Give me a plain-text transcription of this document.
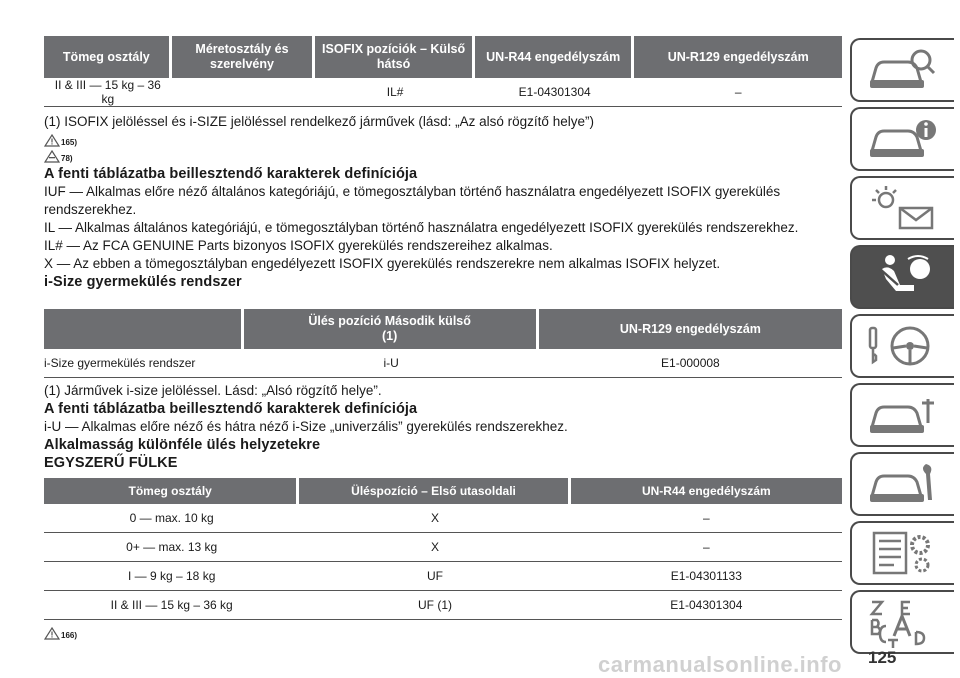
Tömeg osztály	Méretosztály és szerelvény	ISOFIX pozíciók – Külső hátsó	UN-R44 engedélyszám	UN-R129 engedélyszám
II & III — 15 kg – 36 kg		IL#	E1-04301304	–

(1) ISOFIX jelöléssel és i-SIZE jelöléssel rendelkező járművek (lásd: „Az alsó rögzítő helye”)

165)
78)

A fenti táblázatba beillesztendő karakterek definíciója

IUF — Alkalmas előre néző általános kategóriájú, e tömegosztályban történő használatra engedélyezett ISOFIX gyerekülés rendszerekhez.

IL — Alkalmas általános kategóriájú, e tömegosztályban történő használatra engedélyezett ISOFIX gyerekülés rendszerekhez.

IL# — Az FCA GENUINE Parts bizonyos ISOFIX gyerekülés rendszereihez alkalmas.

X — Az ebben a tömegosztályban engedélyezett ISOFIX gyerekülés rendszerekre nem alkalmas ISOFIX helyzet.

i-Size gyermekülés rendszer

	Ülés pozíció Második külső (1)	UN-R129 engedélyszám
i-Size gyermekülés rendszer	i-U	E1-000008

(1) Járművek i-size jelöléssel. Lásd: „Alsó rögzítő helye”.

A fenti táblázatba beillesztendő karakterek definíciója

i-U — Alkalmas előre néző és hátra néző i-Size „univerzális” gyerekülés rendszerekhez.

Alkalmasság különféle ülés helyzetekre

EGYSZERŰ FÜLKE

Tömeg osztály	Üléspozíció – Első utasoldali	UN-R44 engedélyszám
0 — max. 10 kg	X	–
0+ — max. 13 kg	X	–
I — 9 kg – 18 kg	UF	E1-04301133
II & III — 15 kg – 36 kg	UF (1)	E1-04301304
166)
carmanualsonline.info 125
